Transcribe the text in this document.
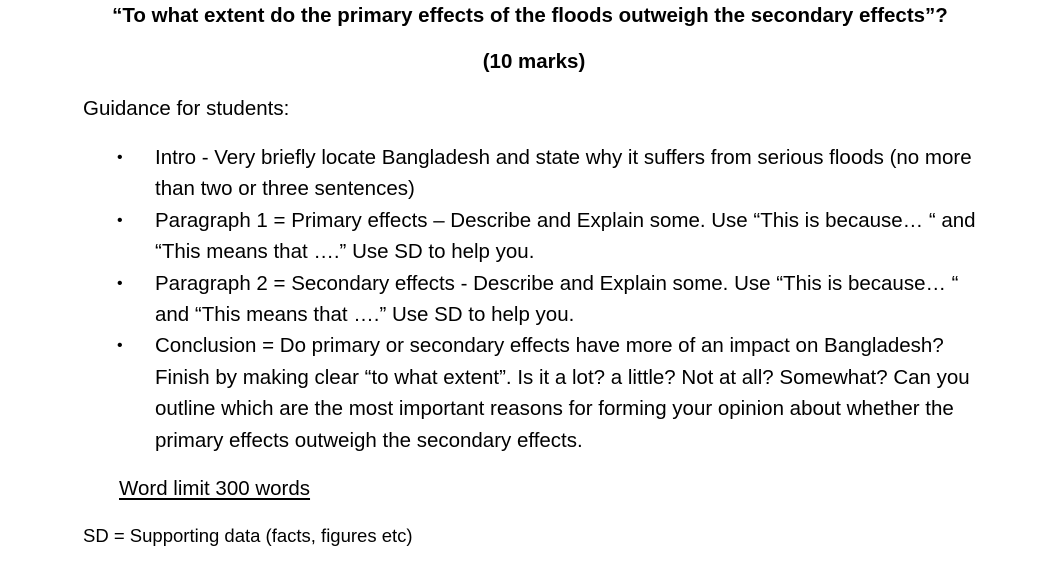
“To what extent do the primary effects of the floods outweigh the secondary effects”?
(10 marks)
Guidance for students:
•	Intro - Very briefly locate Bangladesh and state why it suffers from serious floods (no more than two or three sentences)
•	Paragraph 1 = Primary effects – Describe and Explain some. Use “This is because… “ and “This means that ….” Use SD to help you.
•	Paragraph 2 = Secondary effects - Describe and Explain some. Use “This is because… “ and “This means that ….” Use SD to help you.
•	Conclusion = Do primary or secondary effects have more of an impact on Bangladesh? Finish by making clear “to what extent”. Is it a lot? a little? Not at all? Somewhat? Can you outline which are the most important reasons for forming your opinion about whether the primary effects outweigh the secondary effects.
Word limit 300 words
SD = Supporting data (facts, figures etc)
